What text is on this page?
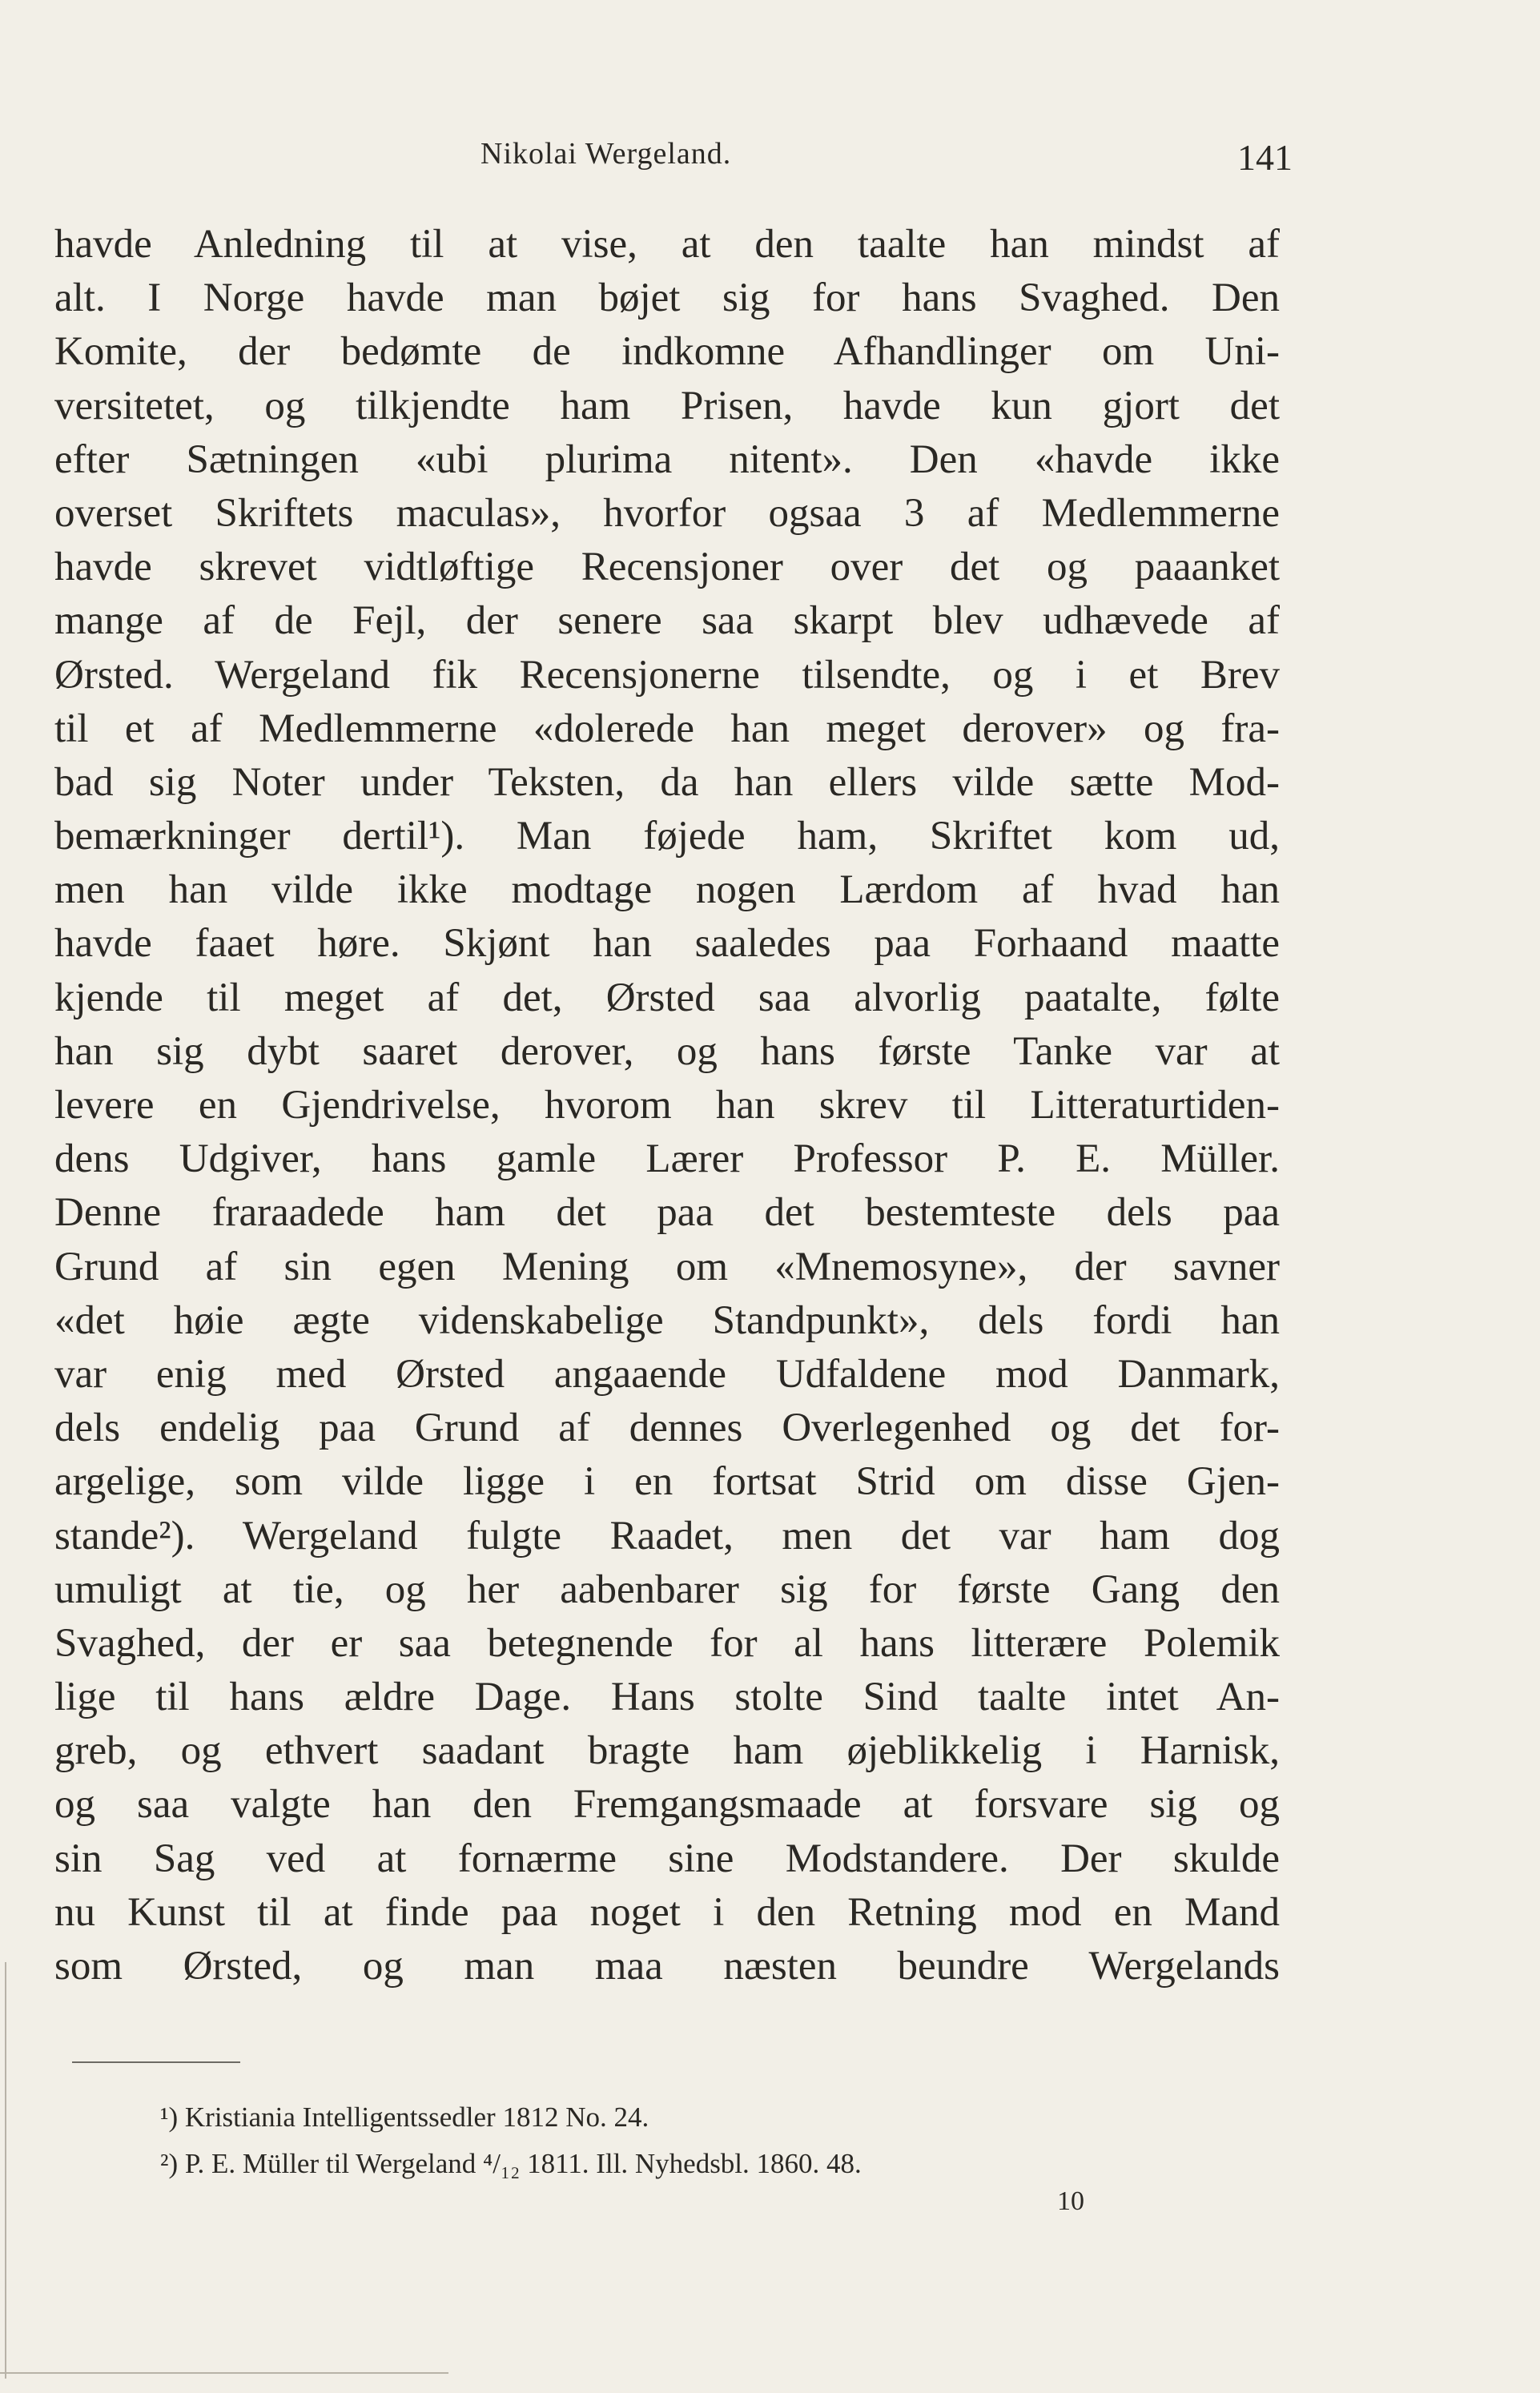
Nikolai Wergeland.	141
havde Anledning til at vise, at den taalte han mindst af
alt. I Norge havde man bøjet sig for hans Svaghed. Den
Komite, der bedømte de indkomne Afhandlinger om Uni-
versitetet, og tilkjendte ham Prisen, havde kun gjort det
efter Sætningen «ubi plurima nitent». Den «havde ikke
overset Skriftets maculas», hvorfor ogsaa 3 af Medlemmerne
havde skrevet vidtløftige Recensjoner over det og paaanket
mange af de Fejl, der senere saa skarpt blev udhævede af
Ørsted. Wergeland fik Recensjonerne tilsendte, og i et Brev
til et af Medlemmerne «dolerede han meget derover» og fra-
bad sig Noter under Teksten, da han ellers vilde sætte Mod-
bemærkninger dertil¹). Man føjede ham, Skriftet kom ud,
men han vilde ikke modtage nogen Lærdom af hvad han
havde faaet høre. Skjønt han saaledes paa Forhaand maatte
kjende til meget af det, Ørsted saa alvorlig paatalte, følte
han sig dybt saaret derover, og hans første Tanke var at
levere en Gjendrivelse, hvorom han skrev til Litteraturtiden-
dens Udgiver, hans gamle Lærer Professor P. E. Müller.
Denne fraraadede ham det paa det bestemteste dels paa
Grund af sin egen Mening om «Mnemosyne», der savner
«det høie ægte videnskabelige Standpunkt», dels fordi han
var enig med Ørsted angaaende Udfaldene mod Danmark,
dels endelig paa Grund af dennes Overlegenhed og det for-
argelige, som vilde ligge i en fortsat Strid om disse Gjen-
stande²). Wergeland fulgte Raadet, men det var ham dog
umuligt at tie, og her aabenbarer sig for første Gang den
Svaghed, der er saa betegnende for al hans litterære Polemik
lige til hans ældre Dage. Hans stolte Sind taalte intet An-
greb, og ethvert saadant bragte ham øjeblikkelig i Harnisk,
og saa valgte han den Fremgangsmaade at forsvare sig og
sin Sag ved at fornærme sine Modstandere. Der skulde
nu Kunst til at finde paa noget i den Retning mod en Mand
som Ørsted, og man maa næsten beundre Wergelands
¹) Kristiania Intelligentssedler 1812 No. 24.
²) P. E. Müller til Wergeland ⁴/₁₂ 1811. Ill. Nyhedsbl. 1860. 48.
10
